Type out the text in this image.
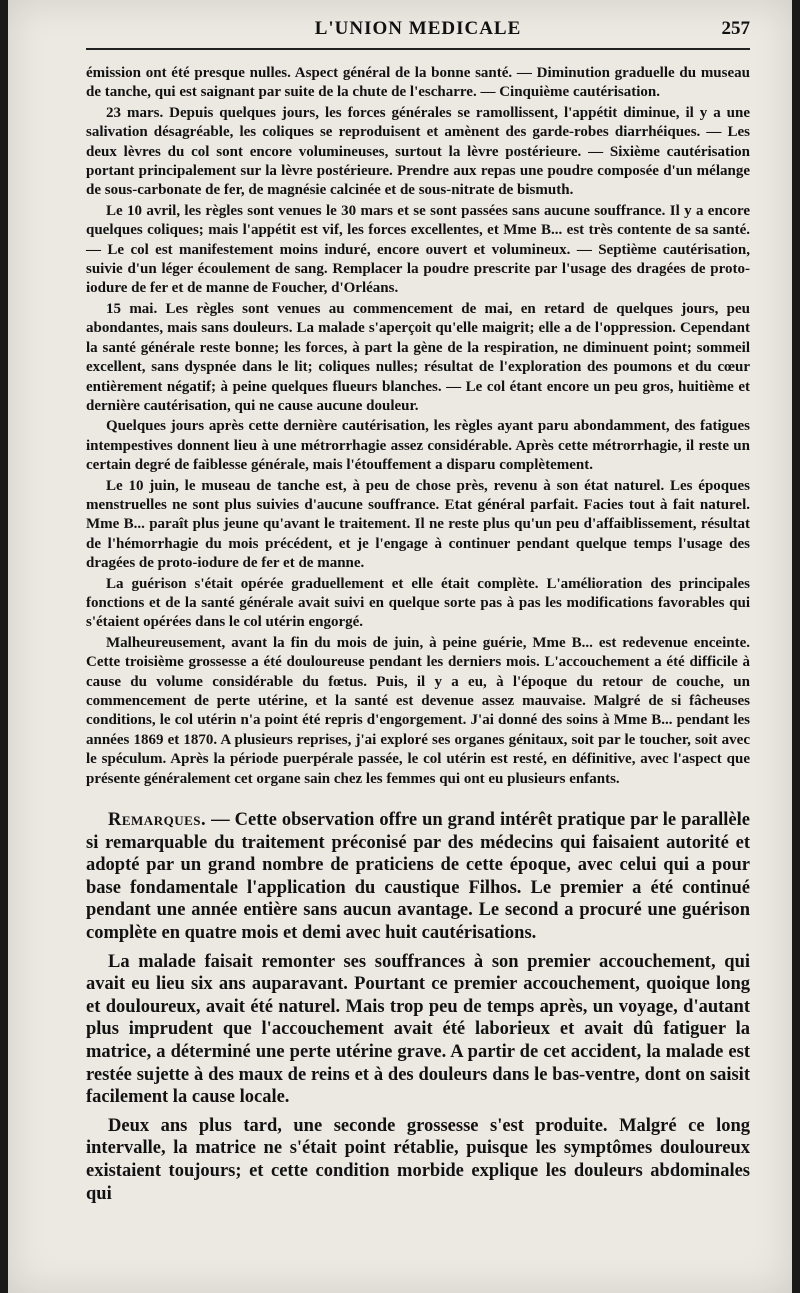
L'UNION MEDICALE	257

émission ont été presque nulles. Aspect général de la bonne santé. — Diminution graduelle du museau de tanche, qui est saignant par suite de la chute de l'escharre. — Cinquième cautérisation.

23 mars. Depuis quelques jours, les forces générales se ramollissent, l'appétit diminue, il y a une salivation désagréable, les coliques se reproduisent et amènent des garde-robes diarrhéiques. — Les deux lèvres du col sont encore volumineuses, surtout la lèvre postérieure. — Sixième cautérisation portant principalement sur la lèvre postérieure. Prendre aux repas une poudre composée d'un mélange de sous-carbonate de fer, de magnésie calcinée et de sous-nitrate de bismuth.

Le 10 avril, les règles sont venues le 30 mars et se sont passées sans aucune souffrance. Il y a encore quelques coliques; mais l'appétit est vif, les forces excellentes, et Mme B... est très contente de sa santé. — Le col est manifestement moins induré, encore ouvert et volumineux. — Septième cautérisation, suivie d'un léger écoulement de sang. Remplacer la poudre prescrite par l'usage des dragées de proto-iodure de fer et de manne de Foucher, d'Orléans.

15 mai. Les règles sont venues au commencement de mai, en retard de quelques jours, peu abondantes, mais sans douleurs. La malade s'aperçoit qu'elle maigrit; elle a de l'oppression. Cependant la santé générale reste bonne; les forces, à part la gène de la respiration, ne diminuent point; sommeil excellent, sans dyspnée dans le lit; coliques nulles; résultat de l'exploration des poumons et du cœur entièrement négatif; à peine quelques flueurs blanches. — Le col étant encore un peu gros, huitième et dernière cautérisation, qui ne cause aucune douleur.

Quelques jours après cette dernière cautérisation, les règles ayant paru abondamment, des fatigues intempestives donnent lieu à une métrorrhagie assez considérable. Après cette métrorrhagie, il reste un certain degré de faiblesse générale, mais l'étouffement a disparu complètement.

Le 10 juin, le museau de tanche est, à peu de chose près, revenu à son état naturel. Les époques menstruelles ne sont plus suivies d'aucune souffrance. Etat général parfait. Facies tout à fait naturel. Mme B... paraît plus jeune qu'avant le traitement. Il ne reste plus qu'un peu d'affaiblissement, résultat de l'hémorrhagie du mois précédent, et je l'engage à continuer pendant quelque temps l'usage des dragées de proto-iodure de fer et de manne.

La guérison s'était opérée graduellement et elle était complète. L'amélioration des principales fonctions et de la santé générale avait suivi en quelque sorte pas à pas les modifications favorables qui s'étaient opérées dans le col utérin engorgé.

Malheureusement, avant la fin du mois de juin, à peine guérie, Mme B... est redevenue enceinte. Cette troisième grossesse a été douloureuse pendant les derniers mois. L'accouchement a été difficile à cause du volume considérable du fœtus. Puis, il y a eu, à l'époque du retour de couche, un commencement de perte utérine, et la santé est devenue assez mauvaise. Malgré de si fâcheuses conditions, le col utérin n'a point été repris d'engorgement. J'ai donné des soins à Mme B... pendant les années 1869 et 1870. A plusieurs reprises, j'ai exploré ses organes génitaux, soit par le toucher, soit avec le spéculum. Après la période puerpérale passée, le col utérin est resté, en définitive, avec l'aspect que présente généralement cet organe sain chez les femmes qui ont eu plusieurs enfants.

Remarques. — Cette observation offre un grand intérêt pratique par le parallèle si remarquable du traitement préconisé par des médecins qui faisaient autorité et adopté par un grand nombre de praticiens de cette époque, avec celui qui a pour base fondamentale l'application du caustique Filhos. Le premier a été continué pendant une année entière sans aucun avantage. Le second a procuré une guérison complète en quatre mois et demi avec huit cautérisations.

La malade faisait remonter ses souffrances à son premier accouchement, qui avait eu lieu six ans auparavant. Pourtant ce premier accouchement, quoique long et douloureux, avait été naturel. Mais trop peu de temps après, un voyage, d'autant plus imprudent que l'accouchement avait été laborieux et avait dû fatiguer la matrice, a déterminé une perte utérine grave. A partir de cet accident, la malade est restée sujette à des maux de reins et à des douleurs dans le bas-ventre, dont on saisit facilement la cause locale.

Deux ans plus tard, une seconde grossesse s'est produite. Malgré ce long intervalle, la matrice ne s'était point rétablie, puisque les symptômes douloureux existaient toujours; et cette condition morbide explique les douleurs abdominales qui
